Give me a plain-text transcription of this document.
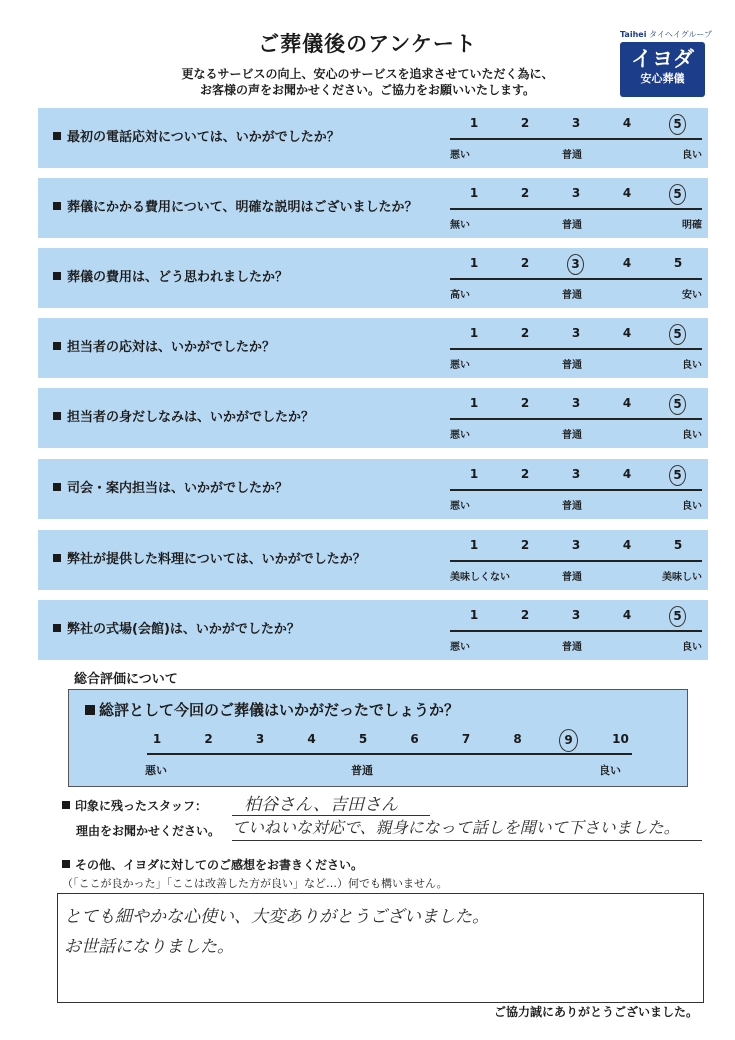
ご葬儀後のアンケート
更なるサービスの向上、安心のサービスを追求させていただく為に、
お客様の声をお聞かせください。ご協力をお願いいたします。
Taihei タイヘイグループ
イヨダ
安心葬儀
最初の電話応対については、いかがでしたか？
1	2	3	4	5
悪い	普通	良い
葬儀にかかる費用について、明確な説明はございましたか？
1	2	3	4	5
無い	普通	明確
葬儀の費用は、どう思われましたか？
1	2	3	4	5
高い	普通	安い
担当者の応対は、いかがでしたか？
1	2	3	4	5
悪い	普通	良い
担当者の身だしなみは、いかがでしたか？
1	2	3	4	5
悪い	普通	良い
司会・案内担当は、いかがでしたか？
1	2	3	4	5
悪い	普通	良い
弊社が提供した料理については、いかがでしたか？
1	2	3	4	5
美味しくない	普通	美味しい
弊社の式場(会館)は、いかがでしたか？
1	2	3	4	5
悪い	普通	良い
総合評価について
総評として今回のご葬儀はいかがだったでしょうか？
悪い	普通	良い
1	2	3	4	5	6	7	8	9	10
印象に残ったスタッフ： 柏谷さん、吉田さん
理由をお聞かせください。 ていねいな対応で、親身になって話しを聞いて下さいました。
その他、イヨダに対してのご感想をお書きください。
（「ここが良かった」「ここは改善した方が良い」など…）何でも構いません。
とても細やかな心使い、大変ありがとうございました。
お世話になりました。
ご協力誠にありがとうございました。
